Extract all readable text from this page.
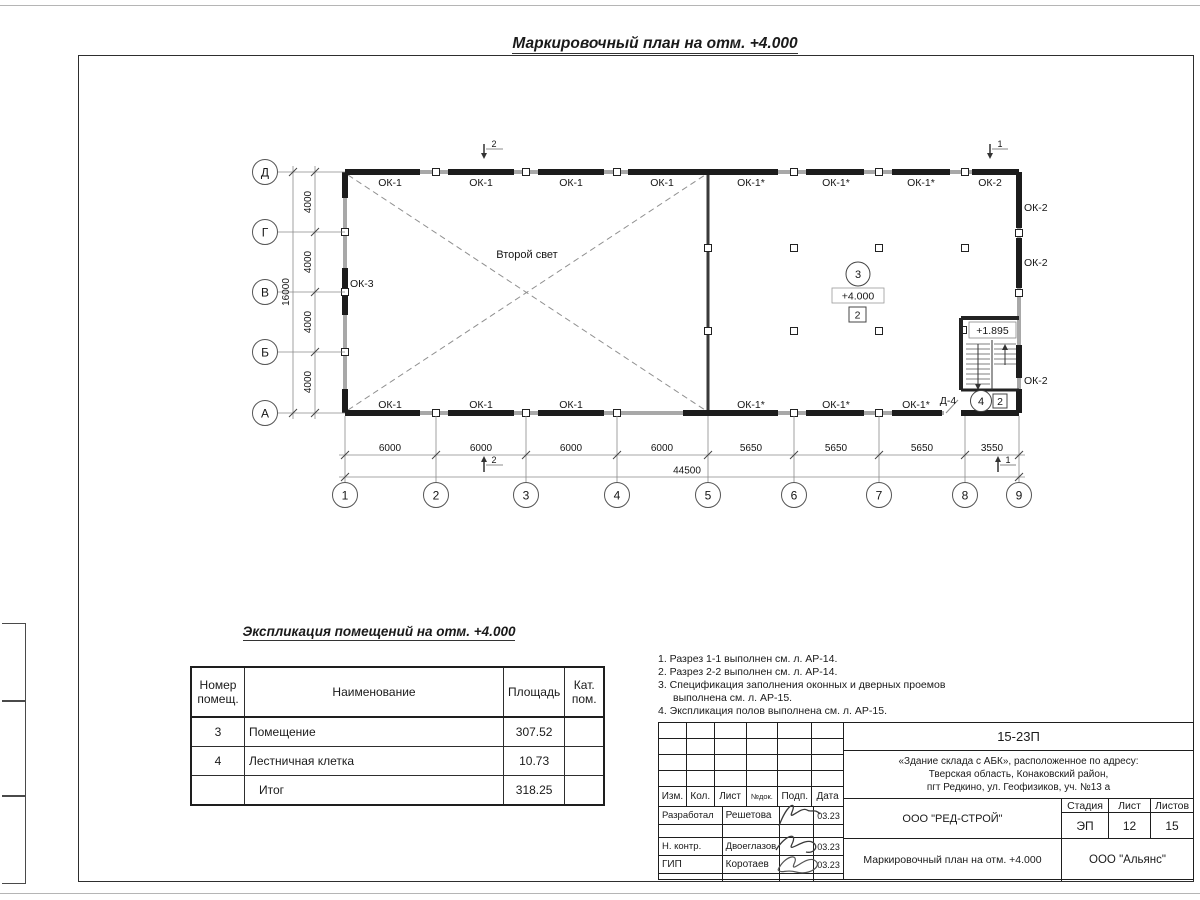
Маркировочный план на отм. +4.000
+1.895
Второй свет
ОК-1	ОК-1	ОК-1	ОК-1	ОК-1*	ОК-1*	ОК-1*	ОК-2
ОК-1	ОК-1	ОК-1	ОК-1*	ОК-1*	ОК-1*
ОК-2
ОК-2
ОК-2
ОК-3
Д-4
3
+4.000
2
4 2
Д
Г
В
Б
А
4000
4000
4000
4000
16000
6000	6000	6000	6000	5650	5650	5650	3550
44500
1	2	3	4	5	6	7	8	9
2	1
2	1
Экспликация помещений на отм. +4.000
Номер помещ.	Наименование	Площадь	Кат. пом.
3	Помещение	307.52	
4	Лестничная клетка	10.73	
	Итог	318.25	
1. Разрез 1-1 выполнен см. л. АР-14.
2. Разрез 2-2 выполнен см. л. АР-14.
3. Спецификация заполнения оконных и дверных проемов выполнена см. л. АР-15.
4. Экспликация полов выполнена см. л. АР-15.
Изм. Кол. Лист	№док. Подп. Дата
Разработал	Решетова	03.23
Н. контр.	Двоеглазов	03.23
ГИП	Коротаев	03.23
15-23П
«Здание склада с АБК», расположенное по адресу:
Тверская область, Конаковский район,
пгт Редкино, ул. Геофизиков, уч. №13 а
ООО "РЕД-СТРОЙ"
Стадия	Лист	Листов
ЭП	12	15
Маркировочный план на отм. +4.000	ООО "Альянс"
